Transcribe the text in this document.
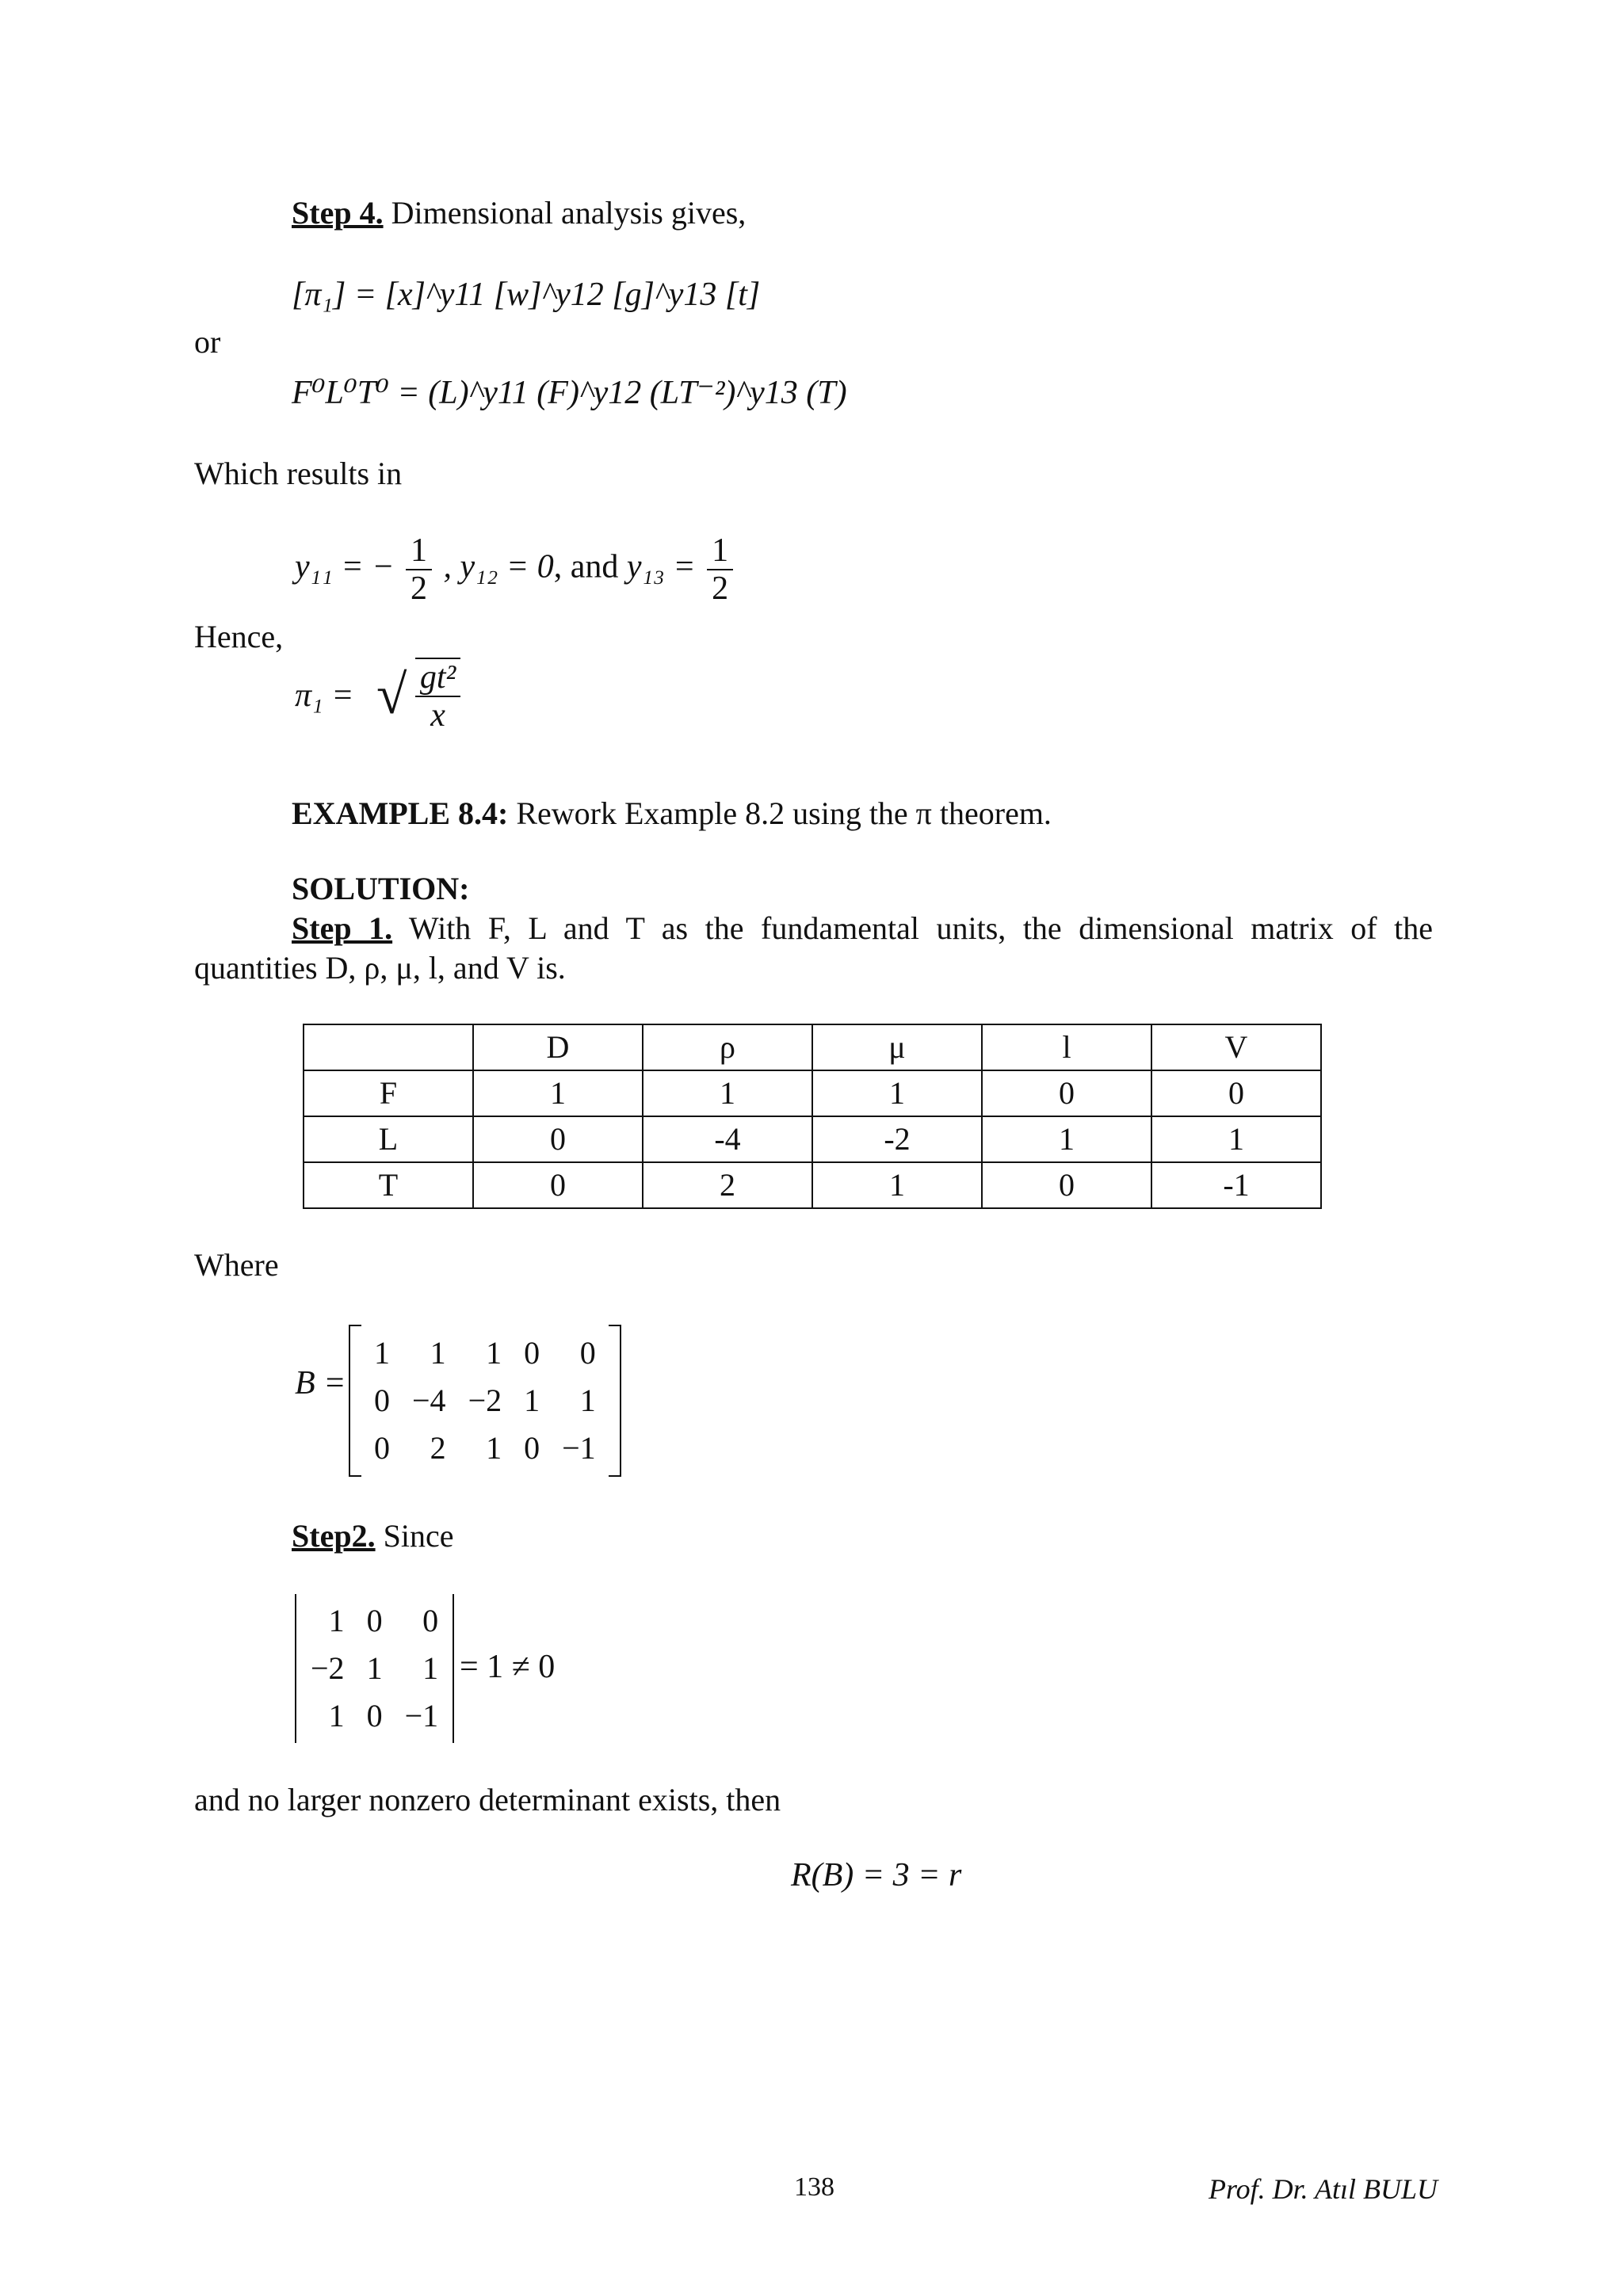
Step 4. Dimensional analysis gives,
[π₁] = [x]^y11 [w]^y12 [g]^y13 [t]
or
F⁰L⁰T⁰ = (L)^y11 (F)^y12 (LT⁻²)^y13 (T)
Which results in
y₁₁ = − $\frac{1}{2}$ , y₁₂ = 0, and $y_{13} = \frac{1}{2}$
Hence,
π₁ = √ $\frac{\text{gt²}}{x}$
EXAMPLE 8.4: Rework Example 8.2 using the π theorem.
SOLUTION:
Step 1. With F, L and T as the fundamental units, the dimensional matrix of the
quantities D, ρ, μ, l, and V is.
	D	ρ	μ	l	V
F	1	1	1	0	0
L	0	-4	-2	1	1
T	0	2	1	0	-1
Where
B =
1	1	1	0	0
0	−4	−2	1	1
0	2	1	0	−1
Step2. Since
1	0	0
−2	1	1
1	0	−1
= 1 ≠ 0
and no larger nonzero determinant exists, then
R(B) = 3 = r
138	Prof. Dr. Atıl BULU
